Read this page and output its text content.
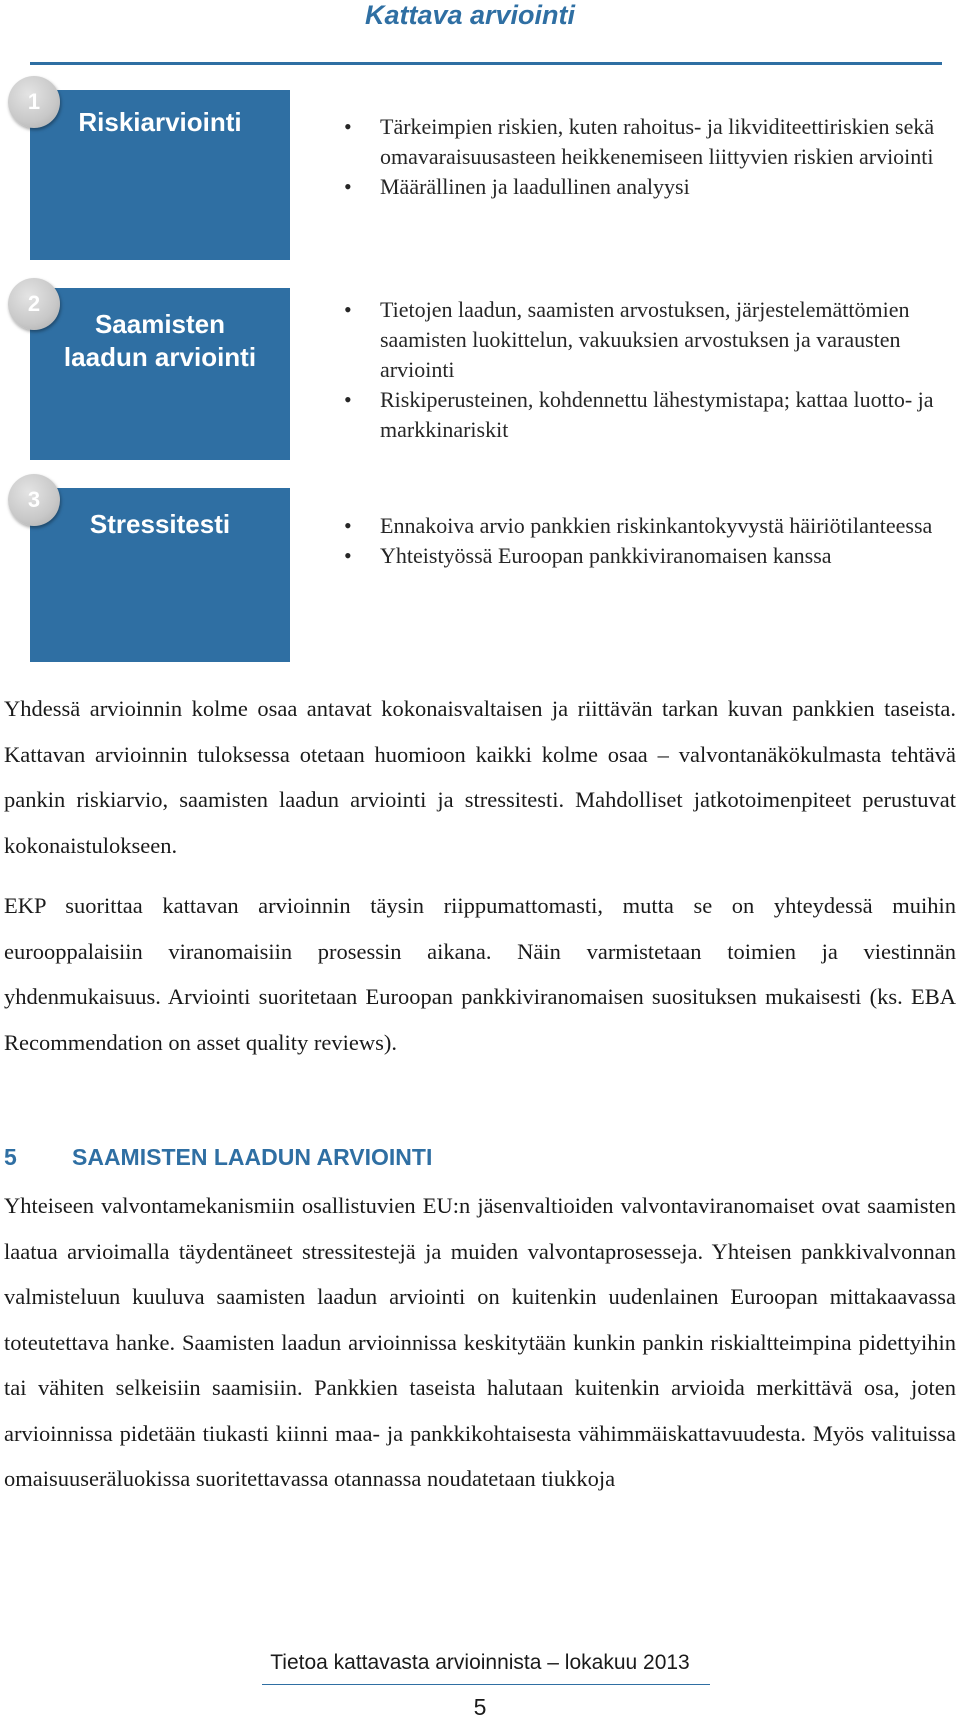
Kattava arviointi
Riskiarviointi
1
• Tärkeimpien riskien, kuten rahoitus- ja likviditeettiriskien sekä omavaraisuusasteen heikkenemiseen liittyvien riskien arviointi
• Määrällinen ja laadullinen analyysi
Saamisten
laadun arviointi
2
•	Tietojen laadun, saamisten arvostuksen, järjestelemättömien saamisten luokittelun, vakuuksien arvostuksen ja varausten arviointi
• Riskiperusteinen, kohdennettu lähestymistapa; kattaa luotto- ja markkinariskit
Stressitesti
3
• Ennakoiva arvio pankkien riskinkantokyvystä häiriötilanteessa
• Yhteistyössä Euroopan pankkiviranomaisen kanssa

Yhdessä arvioinnin kolme osaa antavat kokonaisvaltaisen ja riittävän tarkan kuvan pankkien taseista. Kattavan arvioinnin tuloksessa otetaan huomioon kaikki kolme osaa – valvontanäkökulmasta tehtävä pankin riskiarvio, saamisten laadun arviointi ja stressitesti. Mahdolliset jatkotoimenpiteet perustuvat kokonaistulokseen.

EKP suorittaa kattavan arvioinnin täysin riippumattomasti, mutta se on yhteydessä muihin eurooppalaisiin viranomaisiin prosessin aikana. Näin varmistetaan toimien ja viestinnän yhdenmukaisuus. Arviointi suoritetaan Euroopan pankkiviranomaisen suosituksen mukaisesti (ks. EBA Recommendation on asset quality reviews).

5 SAAMISTEN LAADUN ARVIOINTI

Yhteiseen valvontamekanismiin osallistuvien EU:n jäsenvaltioiden valvontaviranomaiset ovat saamisten laatua arvioimalla täydentäneet stressitestejä ja muiden valvontaprosesseja. Yhteisen pankkivalvonnan valmisteluun kuuluva saamisten laadun arviointi on kuitenkin uudenlainen Euroopan mittakaavassa toteutettava hanke. Saamisten laadun arvioinnissa keskitytään kunkin pankin riskialtteimpina pidettyihin tai vähiten selkeisiin saamisiin. Pankkien taseista halutaan kuitenkin arvioida merkittävä osa, joten arvioinnissa pidetään tiukasti kiinni maa- ja pankkikohtaisesta vähimmäiskattavuudesta. Myös valituissa omaisuuseräluokissa suoritettavassa otannassa noudatetaan tiukkoja

Tietoa kattavasta arvioinnista – lokakuu 2013
5
